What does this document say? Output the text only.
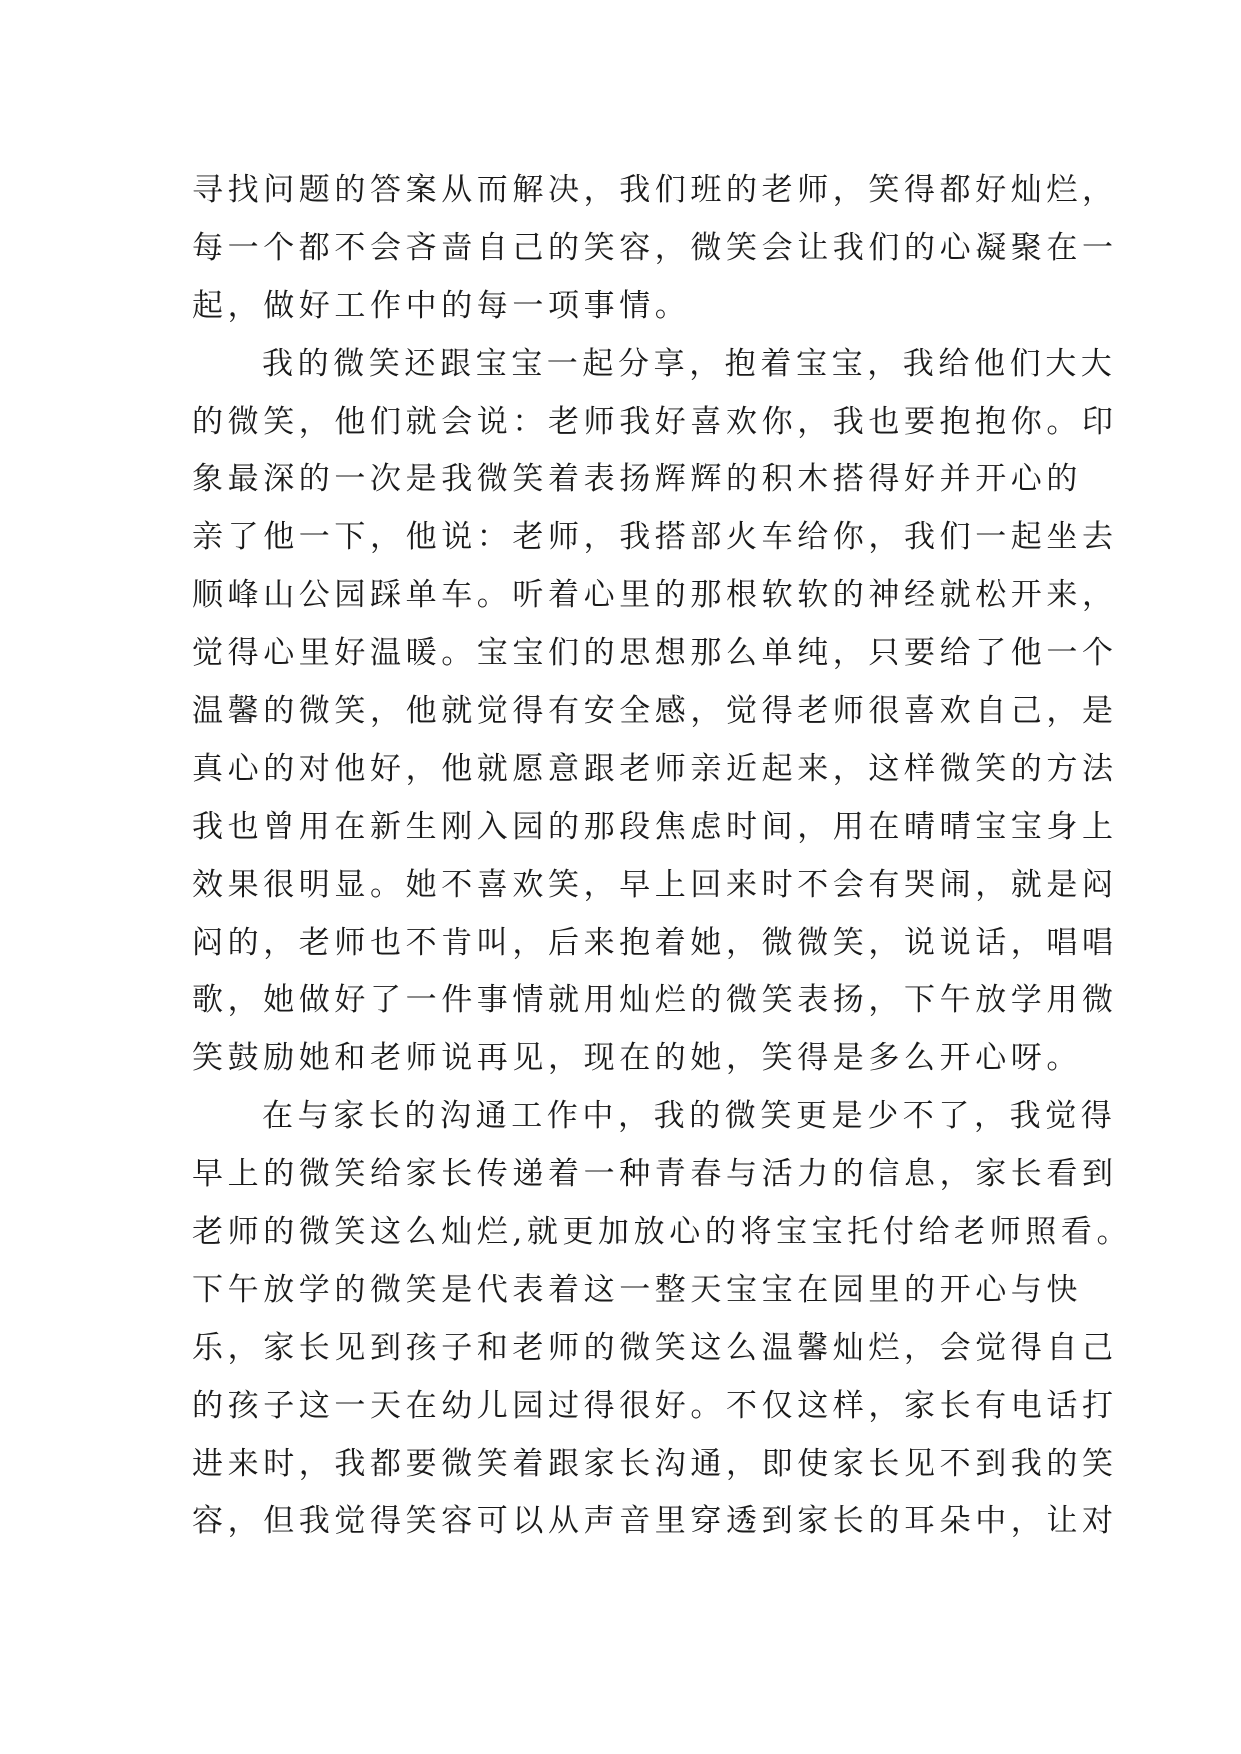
寻找问题的答案从而解决，我们班的老师，笑得都好灿烂，
每一个都不会吝啬自己的笑容，微笑会让我们的心凝聚在一
起，做好工作中的每一项事情。
我的微笑还跟宝宝一起分享，抱着宝宝，我给他们大大
的微笑，他们就会说：老师我好喜欢你，我也要抱抱你。印
象最深的一次是我微笑着表扬辉辉的积木搭得好并开心的
亲了他一下，他说：老师，我搭部火车给你，我们一起坐去
顺峰山公园踩单车。听着心里的那根软软的神经就松开来，
觉得心里好温暖。宝宝们的思想那么单纯，只要给了他一个
温馨的微笑，他就觉得有安全感，觉得老师很喜欢自己，是
真心的对他好，他就愿意跟老师亲近起来，这样微笑的方法
我也曾用在新生刚入园的那段焦虑时间，用在晴晴宝宝身上
效果很明显。她不喜欢笑，早上回来时不会有哭闹，就是闷
闷的，老师也不肯叫，后来抱着她，微微笑，说说话，唱唱
歌，她做好了一件事情就用灿烂的微笑表扬，下午放学用微
笑鼓励她和老师说再见，现在的她，笑得是多么开心呀。
在与家长的沟通工作中，我的微笑更是少不了，我觉得
早上的微笑给家长传递着一种青春与活力的信息，家长看到
老师的微笑这么灿烂,就更加放心的将宝宝托付给老师照看。
下午放学的微笑是代表着这一整天宝宝在园里的开心与快
乐，家长见到孩子和老师的微笑这么温馨灿烂，会觉得自己
的孩子这一天在幼儿园过得很好。不仅这样，家长有电话打
进来时，我都要微笑着跟家长沟通，即使家长见不到我的笑
容，但我觉得笑容可以从声音里穿透到家长的耳朵中，让对
